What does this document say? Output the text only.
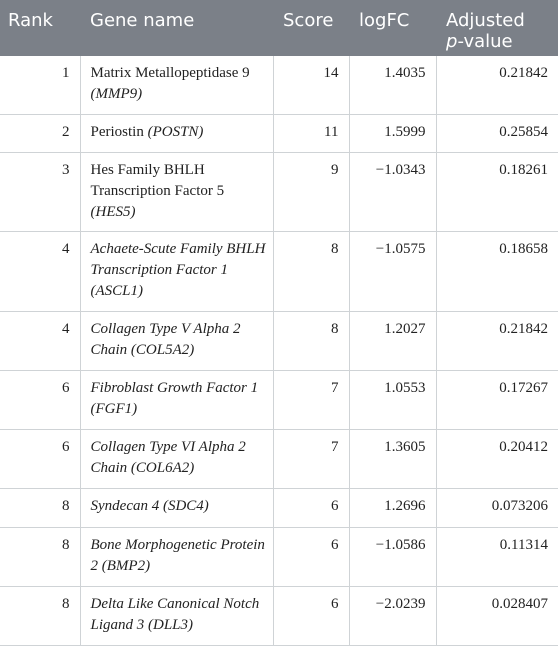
Rank	Gene name	Score	logFC	Adjusted
p-value

1	Matrix Metallopeptidase 9 (MMP9)	14	1.4035	0.21842

2	Periostin (POSTN)	11	1.5999	0.25854

3	Hes Family BHLH Transcription Factor 5 (HES5)	9	−1.0343	0.18261

4	Achaete-Scute Family BHLH Transcription Factor 1 (ASCL1)	8	−1.0575	0.18658

4	Collagen Type V Alpha 2 Chain (COL5A2)	8	1.2027	0.21842

6	Fibroblast Growth Factor 1 (FGF1)	7	1.0553	0.17267

6	Collagen Type VI Alpha 2 Chain (COL6A2)	7	1.3605	0.20412

8	Syndecan 4 (SDC4)	6	1.2696	0.073206

8	Bone Morphogenetic Protein 2 (BMP2)	6	−1.0586	0.11314

8	Delta Like Canonical Notch Ligand 3 (DLL3)	6	−2.0239	0.028407
